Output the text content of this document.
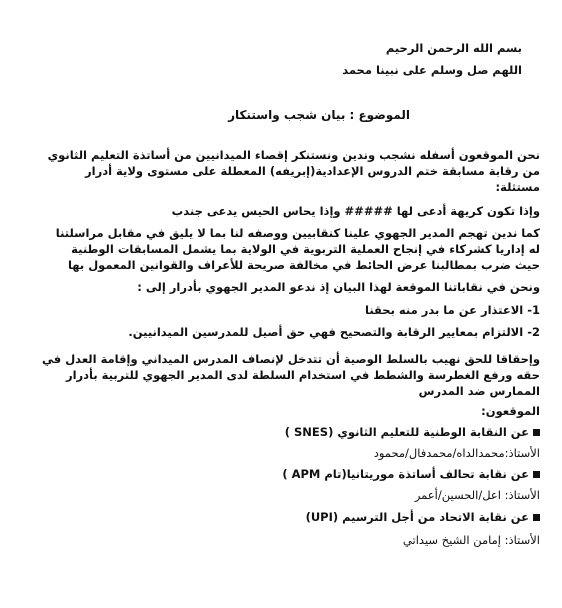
بسم الله الرحمن الرحيم
اللهم صل وسلم على نبينا محمد
الموضوع : بيان شجب واستنكار
نحن الموقعون أسفله نشجب وندين ونستنكر إقصاء الميدانيين من أساتذة التعليم الثانوي
من رقابة مسابقة ختم الدروس الإعدادية(إبريفه) المعطلة على مستوى ولاية أدرار
مستثلة:
وإذا تكون كريهة أدعى لها ##### وإذا يحاس الحيس يدعى جندب
كما ندين تهجم المدير الجهوي علينا كنقابيين ووصفه لنا بما لا يليق في مقابل مراسلتنا
له إداريا كشركاء في إنجاح العملية التربوية في الولاية بما يشمل المسابقات الوطنية
حيث ضرب بمطالبنا عرض الحائط في مخالفة صريحة للأعراف والقوانين المعمول بها
ونحن في نقاباتنا الموقعة لهذا البيان إذ ندعو المدير الجهوي بأدرار إلى :
1-
الاعتذار عن ما بدر منه بحقنا
2-
الالتزام بمعايير الرقابة والتصحيح فهي حق أصيل للمدرسين الميدانيين.
وإحقاقا للحق نهيب بالسلط الوصية أن تتدخل لإنصاف المدرس الميداني وإقامة العدل في
حقه ورفع الغطرسة والشطط في استخدام السلطة لدى المدير الجهوي للتربية بأدرار
الممارس ضد المدرس
الموقعون:
عن النقابة الوطنية للتعليم الثانوي (SNES )
الأستاذ:محمدالداه/محمدفال/محمود
عن نقابة تحالف أساتذة موريتانيا(تام APM )
الأستاذ: اعل/الحسين/أعمر
عن نقابة الاتحاد من أجل الترسيم (UPI)
الأستاذ: إمامن الشيخ سيداتي
